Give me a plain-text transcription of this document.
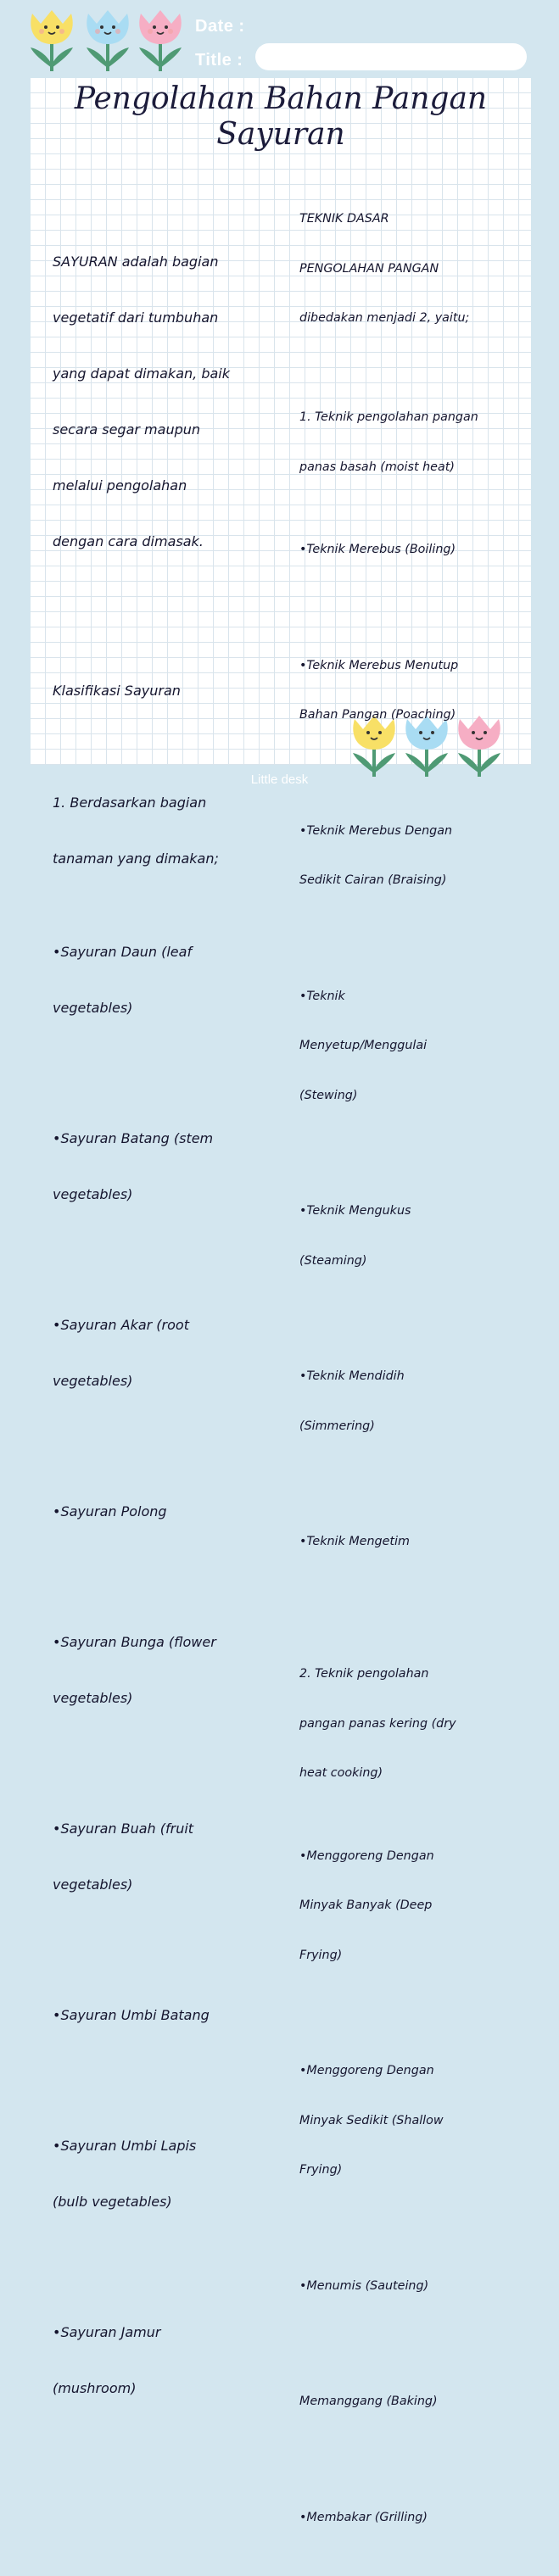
Date :
Title :
Pengolahan Bahan Pangan
Sayuran

SAYURAN adalah bagian

vegetatif dari tumbuhan

yang dapat dimakan, baik

secara segar maupun

melalui pengolahan

dengan cara dimasak.

Klasifikasi Sayuran

1. Berdasarkan bagian

tanaman yang dimakan;

•Sayuran Daun (leaf

vegetables)

•Sayuran Batang (stem

vegetables)

•Sayuran Akar (root

vegetables)

•Sayuran Polong

•Sayuran Bunga (flower

vegetables)

•Sayuran Buah (fruit

vegetables)

•Sayuran Umbi Batang

•Sayuran Umbi Lapis

(bulb vegetables)

•Sayuran Jamur

(mushroom)

TEKNIK DASAR

PENGOLAHAN PANGAN

dibedakan menjadi 2, yaitu;

1. Teknik pengolahan pangan

panas basah (moist heat)

•Teknik Merebus (Boiling)

•Teknik Merebus Menutup

Bahan Pangan (Poaching)

•Teknik Merebus Dengan

Sedikit Cairan (Braising)

•Teknik

Menyetup/Menggulai

(Stewing)

•Teknik Mengukus

(Steaming)

•Teknik Mendidih

(Simmering)

•Teknik Mengetim

2. Teknik pengolahan

pangan panas kering (dry

heat cooking)

•Menggoreng Dengan

Minyak Banyak (Deep

Frying)

•Menggoreng Dengan

Minyak Sedikit (Shallow

Frying)

•Menumis (Sauteing)

Memanggang (Baking)

•Membakar (Grilling)

Little desk
